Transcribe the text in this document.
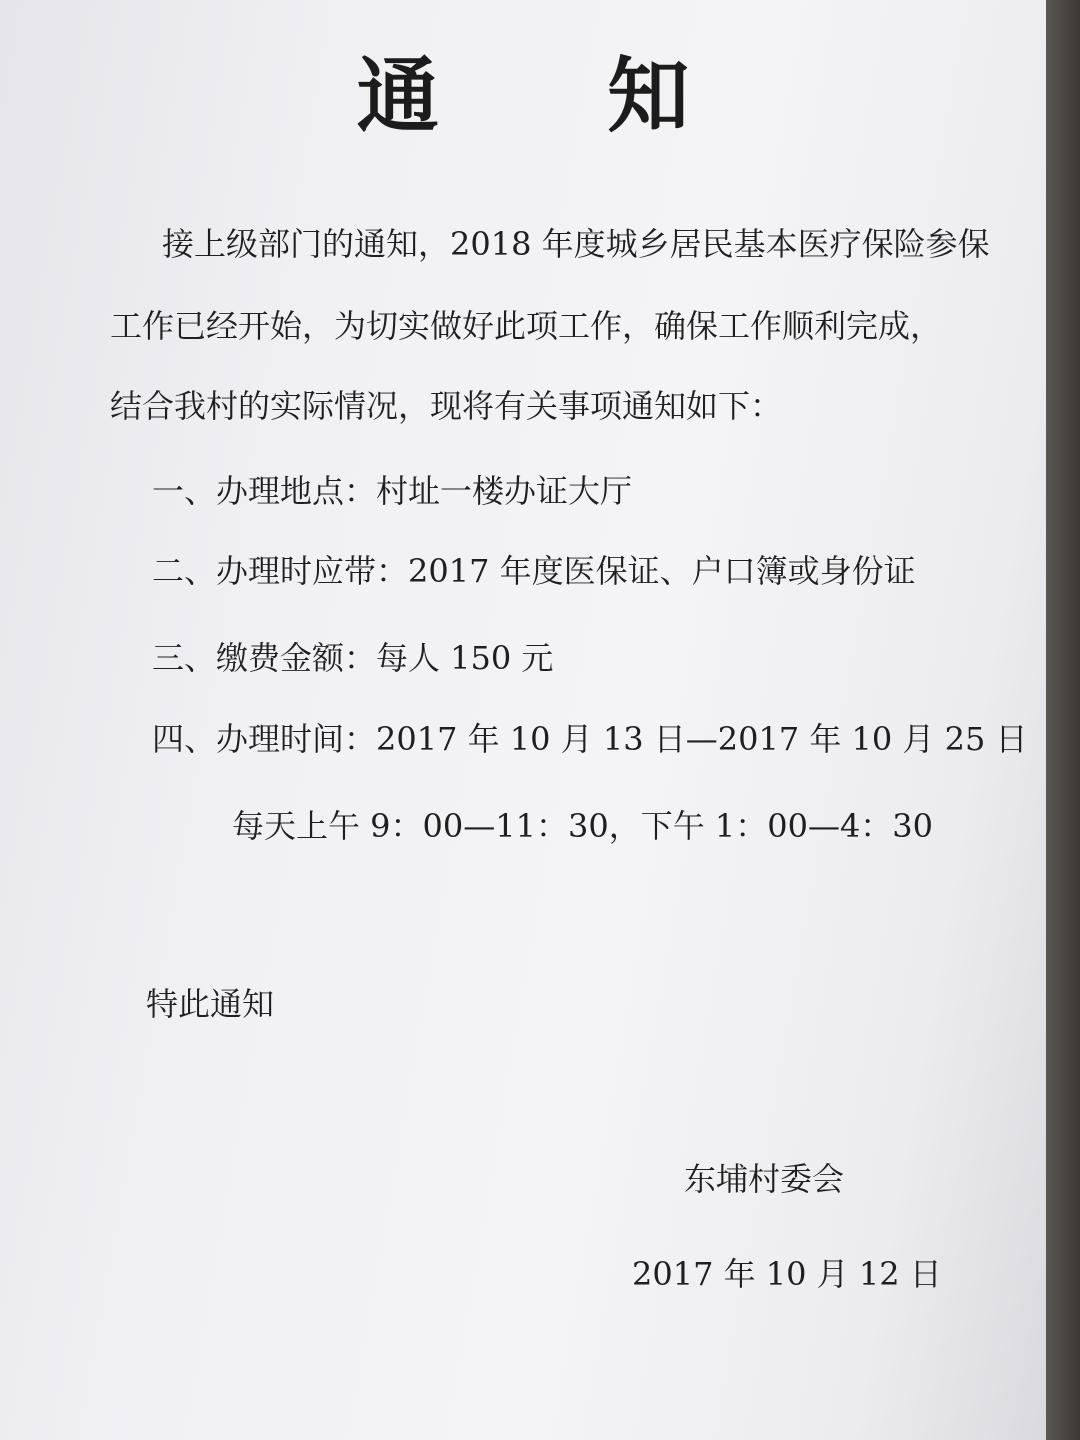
通 知
接上级部门的通知，2018 年度城乡居民基本医疗保险参保
工作已经开始，为切实做好此项工作，确保工作顺利完成，
结合我村的实际情况，现将有关事项通知如下：
一、办理地点：村址一楼办证大厅
二、办理时应带：2017 年度医保证、户口簿或身份证
三、缴费金额：每人 150 元
四、办理时间：2017 年 10 月 13 日—2017 年 10 月 25 日
每天上午 9：00—11：30，下午 1：00—4：30
特此通知
东埔村委会
2017 年 10 月 12 日
